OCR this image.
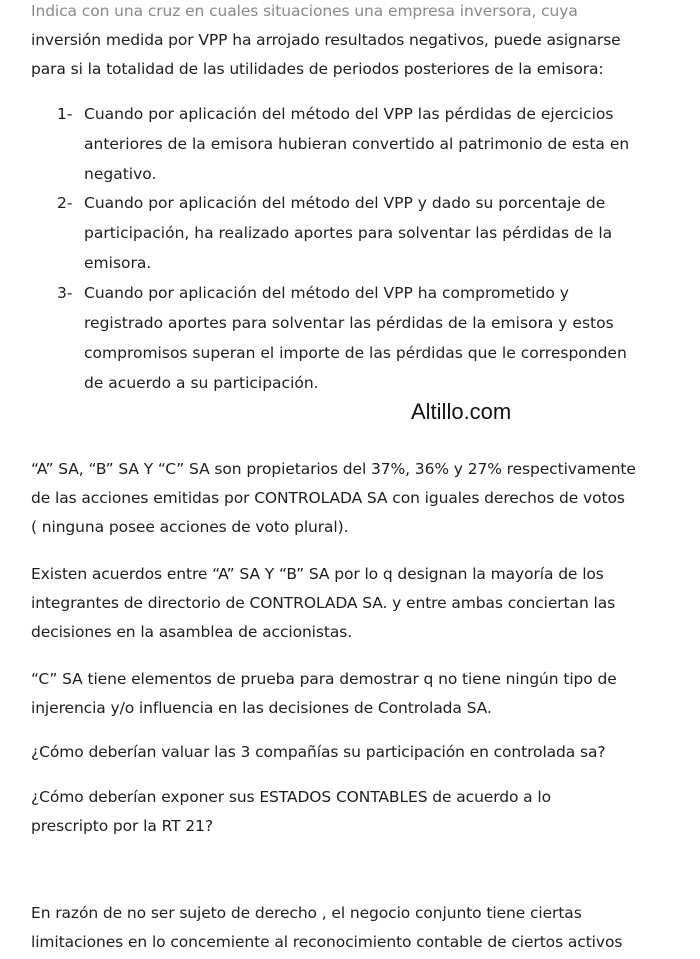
Indica con una cruz en cuales situaciones una empresa inversora, cuya
inversión medida por VPP ha arrojado resultados negativos, puede asignarse
para si la totalidad de las utilidades de periodos posteriores de la emisora:
1- Cuando por aplicación del método del VPP las pérdidas de ejercicios
anteriores de la emisora hubieran convertido al patrimonio de esta en
negativo.
2- Cuando por aplicación del método del VPP y dado su porcentaje de
participación, ha realizado aportes para solventar las pérdidas de la
emisora.
3- Cuando por aplicación del método del VPP ha comprometido y
registrado aportes para solventar las pérdidas de la emisora y estos
compromisos superan el importe de las pérdidas que le corresponden
de acuerdo a su participación.
Altillo.com
“A” SA, “B” SA Y “C” SA son propietarios del 37%, 36% y 27% respectivamente
de las acciones emitidas por CONTROLADA SA con iguales derechos de votos
( ninguna posee acciones de voto plural).
Existen acuerdos entre “A” SA Y “B” SA por lo q designan la mayoría de los
integrantes de directorio de CONTROLADA SA. y entre ambas conciertan las
decisiones en la asamblea de accionistas.
“C” SA tiene elementos de prueba para demostrar q no tiene ningún tipo de
injerencia y/o influencia en las decisiones de Controlada SA.
¿Cómo deberían valuar las 3 compañías su participación en controlada sa?
¿Cómo deberían exponer sus ESTADOS CONTABLES de acuerdo a lo
prescripto por la RT 21?
En razón de no ser sujeto de derecho , el negocio conjunto tiene ciertas
limitaciones en lo concemiente al reconocimiento contable de ciertos activos
